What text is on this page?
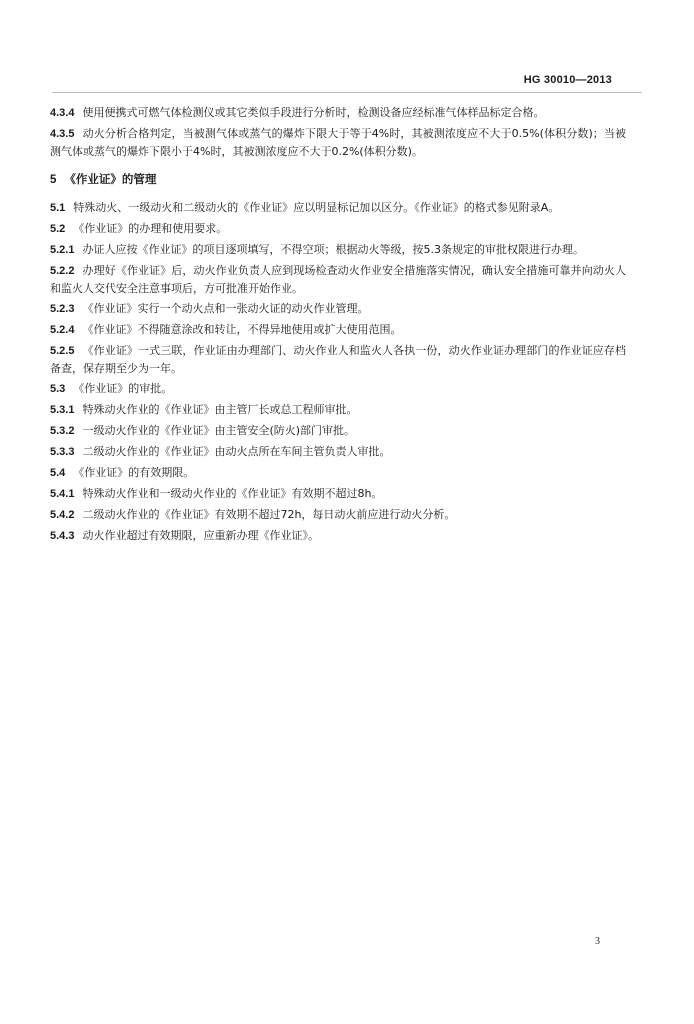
HG 30010—2013
4.3.4 使用便携式可燃气体检测仪或其它类似手段进行分析时，检测设备应经标准气体样品标定合格。
4.3.5 动火分析合格判定，当被测气体或蒸气的爆炸下限大于等于4%时，其被测浓度应不大于0.5%(体积分数)；当被测气体或蒸气的爆炸下限小于4%时，其被测浓度应不大于0.2%(体积分数)。
5 《作业证》的管理
5.1 特殊动火、一级动火和二级动火的《作业证》应以明显标记加以区分。《作业证》的格式参见附录A。
5.2 《作业证》的办理和使用要求。
5.2.1 办证人应按《作业证》的项目逐项填写，不得空项；根据动火等级，按5.3条规定的审批权限进行办理。
5.2.2 办理好《作业证》后，动火作业负责人应到现场检查动火作业安全措施落实情况，确认安全措施可靠并向动火人和监火人交代安全注意事项后，方可批准开始作业。
5.2.3 《作业证》实行一个动火点和一张动火证的动火作业管理。
5.2.4 《作业证》不得随意涂改和转让，不得异地使用或扩大使用范围。
5.2.5 《作业证》一式三联，作业证由办理部门、动火作业人和监火人各执一份，动火作业证办理部门的作业证应存档备查，保存期至少为一年。
5.3 《作业证》的审批。
5.3.1 特殊动火作业的《作业证》由主管厂长或总工程师审批。
5.3.2 一级动火作业的《作业证》由主管安全(防火)部门审批。
5.3.3 二级动火作业的《作业证》由动火点所在车间主管负责人审批。
5.4 《作业证》的有效期限。
5.4.1 特殊动火作业和一级动火作业的《作业证》有效期不超过8h。
5.4.2 二级动火作业的《作业证》有效期不超过72h，每日动火前应进行动火分析。
5.4.3 动火作业超过有效期限，应重新办理《作业证》。
3
